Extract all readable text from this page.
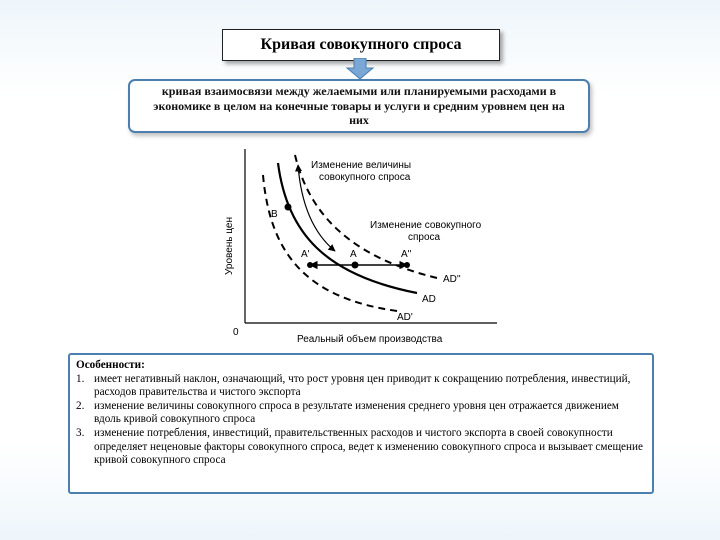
Кривая совокупного спроса
кривая взаимосвязи между желаемыми или планируемыми расходами в экономике в целом на конечные товары и услуги и средним уровнем цен на них
Уровень цен
Реальный объем производства
0
B
A
A'	A''
AD
AD''
AD'
Изменение величины
совокупного спроса
Изменение совокупного
спроса
Особенности:
1. имеет негативный наклон, означающий, что рост уровня цен приводит к сокращению потребления, инвестиций, расходов правительства и чистого экспорта
2. изменение величины совокупного спроса в результате изменения среднего уровня цен отражается движением вдоль кривой совокупного спроса
3. изменение потребления, инвестиций, правительственных расходов и чистого экспорта в своей совокупности определяет неценовые факторы совокупного спроса, ведет к изменению совокупного спроса и вызывает смещение кривой совокупного спроса
